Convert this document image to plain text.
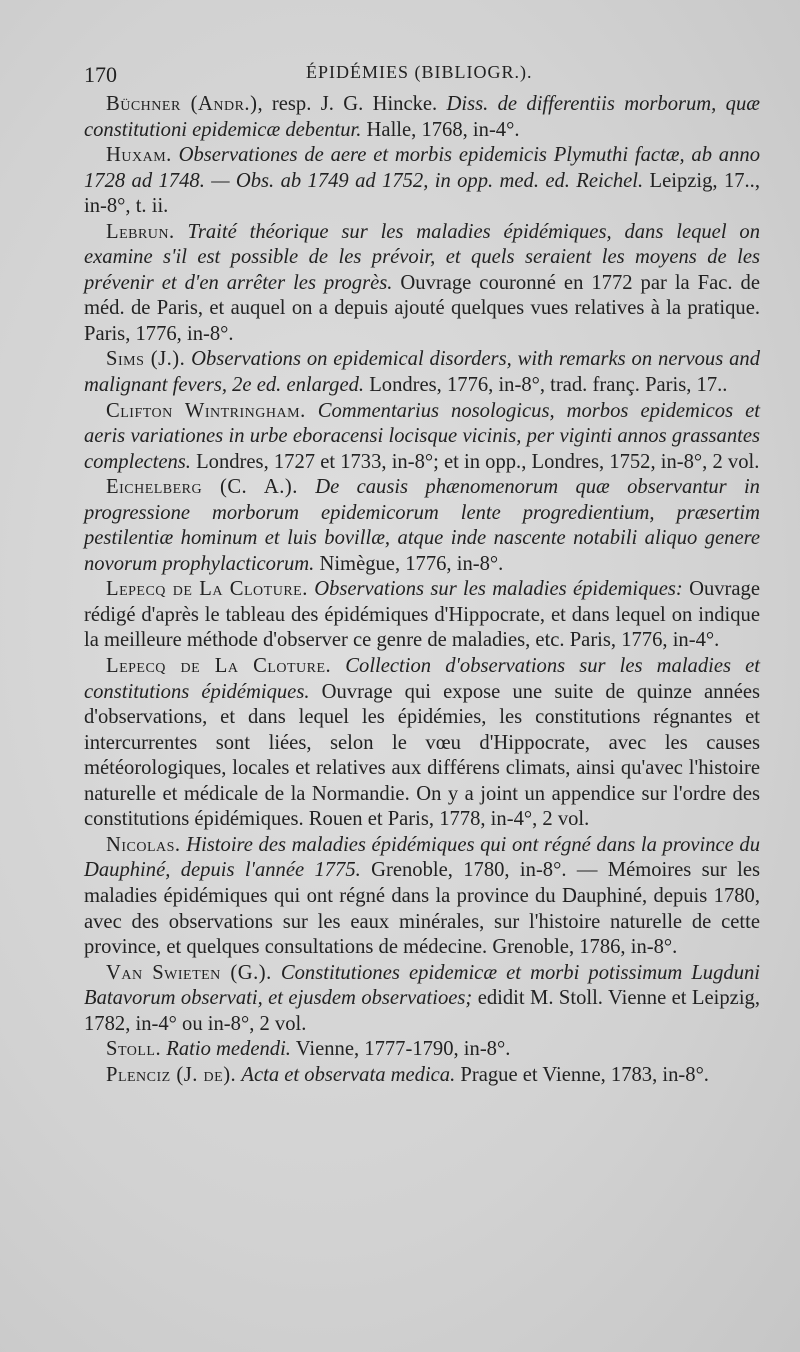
170	ÉPIDÉMIES (BIBLIOGR.).

Büchner (Andr.), resp. J. G. Hincke. Diss. de differentiis morborum, quæ constitutioni epidemicæ debentur. Halle, 1768, in-4°.

Huxam. Observationes de aere et morbis epidemicis Plymuthi factæ, ab anno 1728 ad 1748. — Obs. ab 1749 ad 1752, in opp. med. ed. Reichel. Leipzig, 17.., in-8°, t. ii.

Lebrun. Traité théorique sur les maladies épidémiques, dans lequel on examine s'il est possible de les prévoir, et quels seraient les moyens de les prévenir et d'en arrêter les progrès. Ouvrage couronné en 1772 par la Fac. de méd. de Paris, et auquel on a depuis ajouté quelques vues relatives à la pratique. Paris, 1776, in-8°.

Sims (J.). Observations on epidemical disorders, with remarks on nervous and malignant fevers, 2e ed. enlarged. Londres, 1776, in-8°, trad. franç. Paris, 17..

Clifton Wintringham. Commentarius nosologicus, morbos epidemicos et aeris variationes in urbe eboracensi locisque vicinis, per viginti annos grassantes complectens. Londres, 1727 et 1733, in-8°; et in opp., Londres, 1752, in-8°, 2 vol.

Eichelberg (C. A.). De causis phænomenorum quæ observantur in progressione morborum epidemicorum lente progredientium, præsertim pestilentiæ hominum et luis bovillæ, atque inde nascente notabili aliquo genere novorum prophylacticorum. Nimègue, 1776, in-8°.

Lepecq de La Cloture. Observations sur les maladies épidemiques: Ouvrage rédigé d'après le tableau des épidémiques d'Hippocrate, et dans lequel on indique la meilleure méthode d'observer ce genre de maladies, etc. Paris, 1776, in-4°.

Lepecq de La Cloture. Collection d'observations sur les maladies et constitutions épidémiques. Ouvrage qui expose une suite de quinze années d'observations, et dans lequel les épidémies, les constitutions régnantes et intercurrentes sont liées, selon le vœu d'Hippocrate, avec les causes météorologiques, locales et relatives aux différens climats, ainsi qu'avec l'histoire naturelle et médicale de la Normandie. On y a joint un appendice sur l'ordre des constitutions épidémiques. Rouen et Paris, 1778, in-4°, 2 vol.

Nicolas. Histoire des maladies épidémiques qui ont régné dans la province du Dauphiné, depuis l'année 1775. Grenoble, 1780, in-8°. — Mémoires sur les maladies épidémiques qui ont régné dans la province du Dauphiné, depuis 1780, avec des observations sur les eaux minérales, sur l'histoire naturelle de cette province, et quelques consultations de médecine. Grenoble, 1786, in-8°.

Van Swieten (G.). Constitutiones epidemicæ et morbi potissimum Lugduni Batavorum observati, et ejusdem observatioes; edidit M. Stoll. Vienne et Leipzig, 1782, in-4° ou in-8°, 2 vol.

Stoll. Ratio medendi. Vienne, 1777-1790, in-8°.

Plenciz (J. de). Acta et observata medica. Prague et Vienne, 1783, in-8°.
